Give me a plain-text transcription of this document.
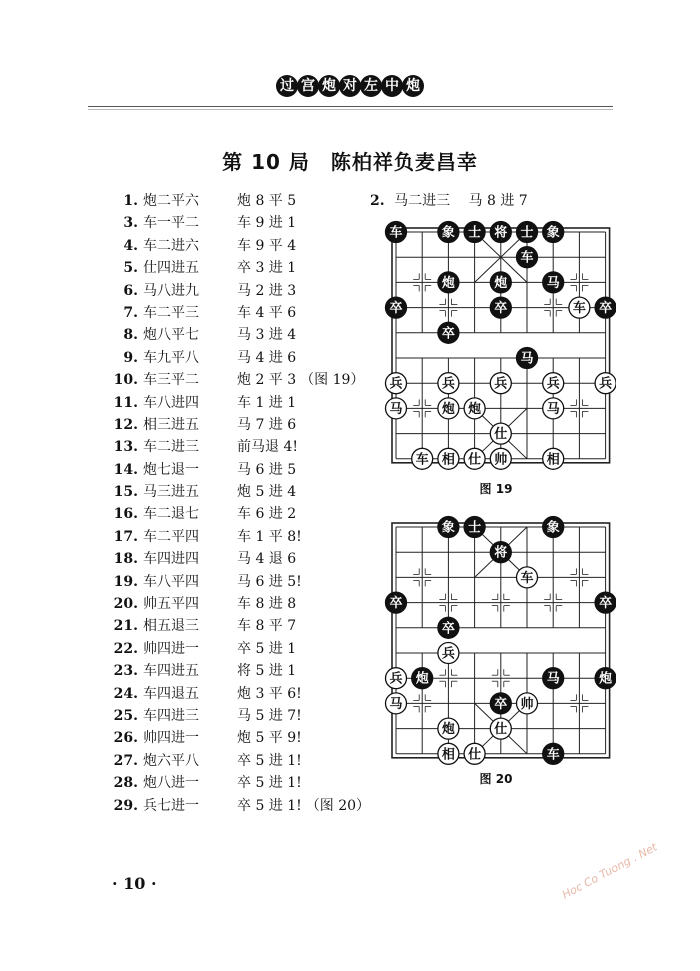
过 宫 炮 对 左 中 炮
第 10 局　陈柏祥负麦昌幸
1. 炮二平六	炮 8 平 5
3. 车一平二	车 9 进 1
4. 车二进六	车 9 平 4
5. 仕四进五	卒 3 进 1
6. 马八进九	马 2 进 3
7. 车二平三	车 4 平 6
8. 炮八平七	马 3 进 4
9. 车九平八	马 4 进 6
10. 车三平二	炮 2 平 3 （图 19）
11. 车八进四	车 1 进 1
12. 相三进五	马 7 进 6
13. 车二进三	前马退 4!
14. 炮七退一	马 6 进 5
15. 马三进五	炮 5 进 4
16. 车二退七	车 6 进 2
17. 车二平四	车 1 平 8!
18. 车四进四	马 4 退 6
19. 车八平四	马 6 进 5!
20. 帅五平四	车 8 进 8
21. 相五退三	车 8 平 7
22. 帅四进一	卒 5 进 1
23. 车四进五	将 5 进 1
24. 车四退五	炮 3 平 6!
25. 车四进三	马 5 进 7!
26. 帅四进一	炮 5 平 9!
27. 炮六平八	卒 5 进 1!
28. 炮八进一	卒 5 进 1!
29. 兵七进一	卒 5 进 1! （图 20）
2. 马二进三　 马 8 进 7
车	象 士 将 士 象
车
炮	炮	马
卒	卒	车 卒
卒
马
兵	兵	兵	兵	兵
马	炮 炮	马
仕
车 相 仕 帅	相
图 19
象 士	象
将
车
卒	卒
卒
兵
兵 炮	马	炮
马	卒 帅
炮	仕
相 仕	车
图 20
· 10 ·	Hoc Co Tuong . Net
